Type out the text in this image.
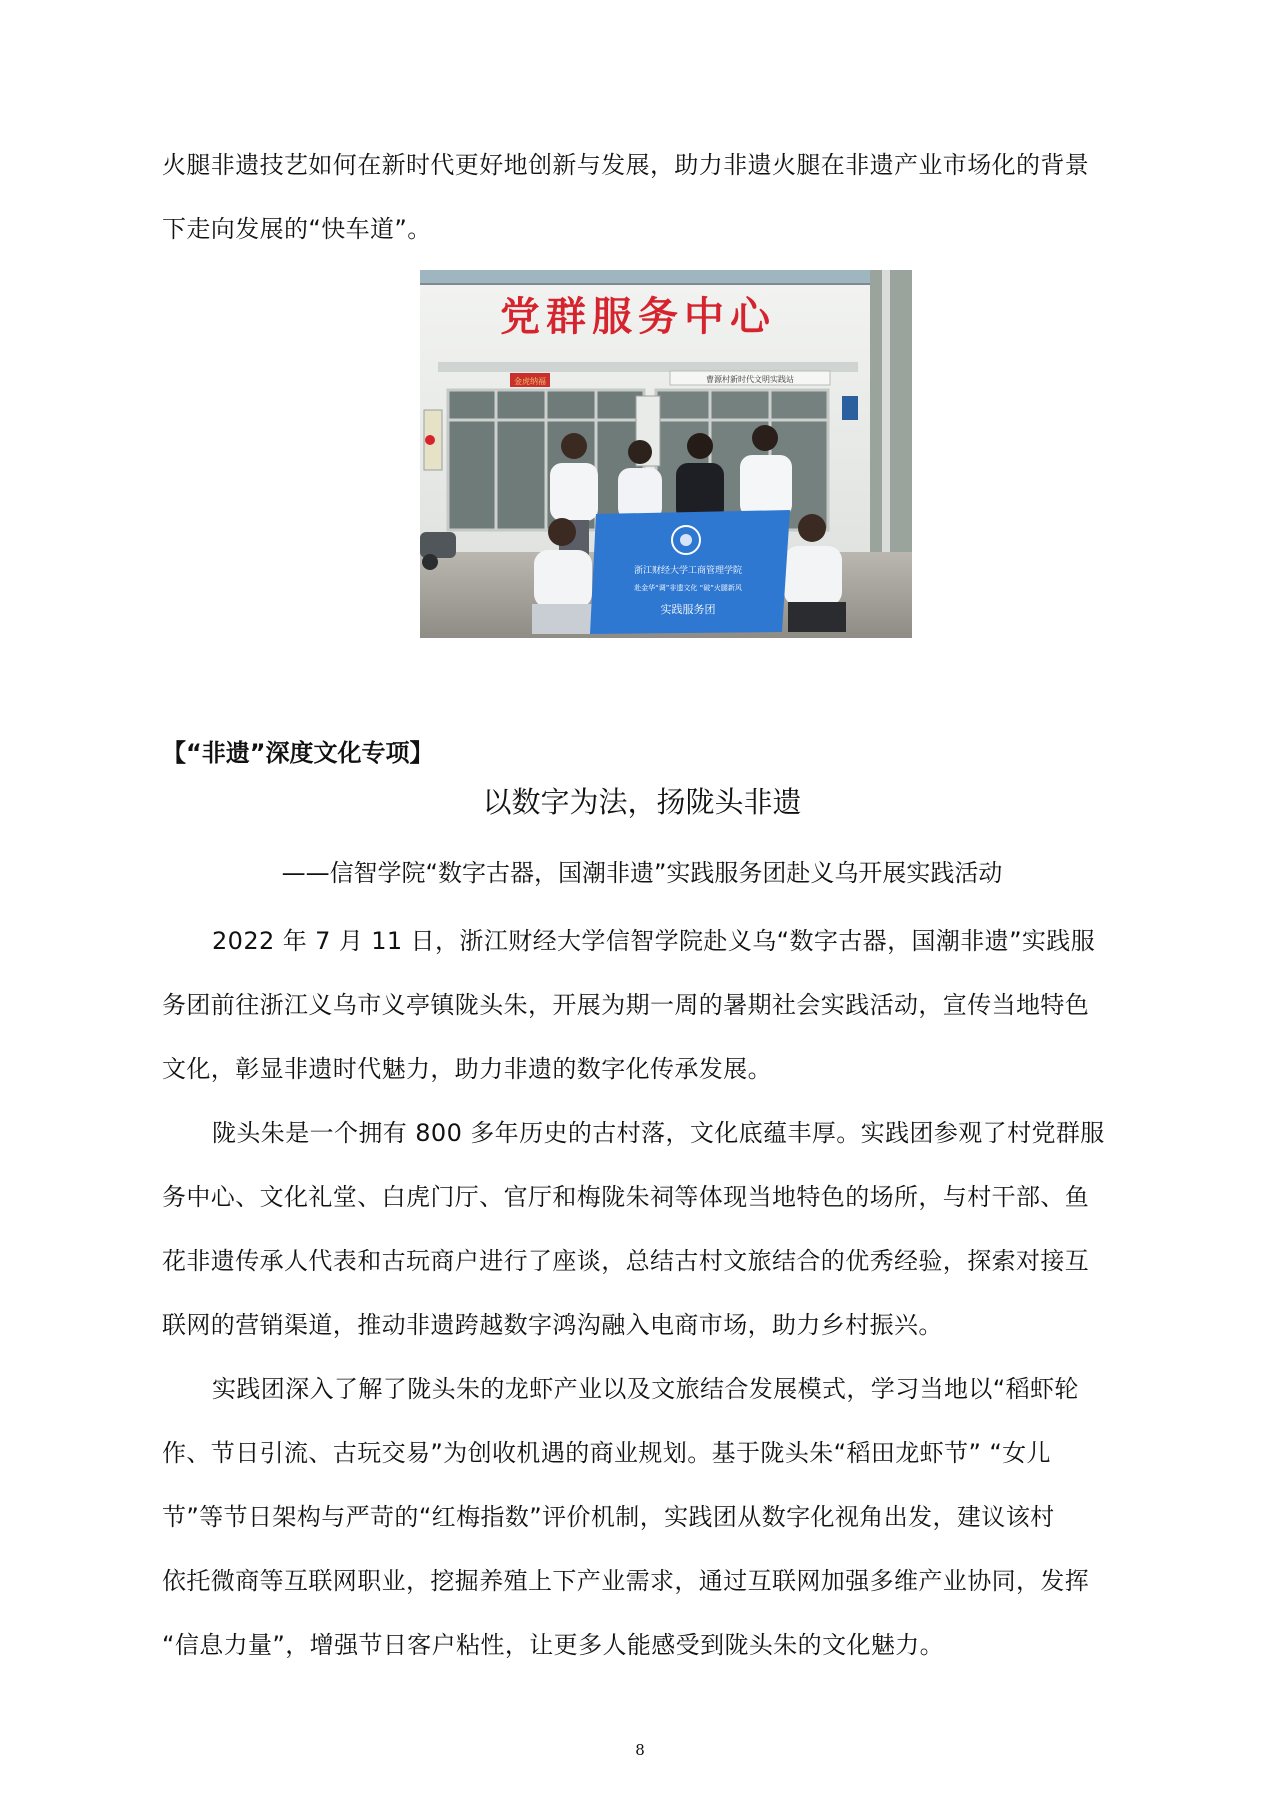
火腿非遗技艺如何在新时代更好地创新与发展，助力非遗火腿在非遗产业市场化的背景
下走向发展的“快车道”。
党群服务中心
金虎纳福	曹源村新时代文明实践站
浙江财经大学工商管理学院
赴金华“调”非遗文化 “破”火腿新风
实践服务团
【“非遗”深度文化专项】
以数字为法，扬陇头非遗
——信智学院“数字古器，国潮非遗”实践服务团赴义乌开展实践活动
2022 年 7 月 11 日，浙江财经大学信智学院赴义乌“数字古器，国潮非遗”实践服
务团前往浙江义乌市义亭镇陇头朱，开展为期一周的暑期社会实践活动，宣传当地特色
文化，彰显非遗时代魅力，助力非遗的数字化传承发展。
陇头朱是一个拥有 800 多年历史的古村落，文化底蕴丰厚。实践团参观了村党群服
务中心、文化礼堂、白虎门厅、官厅和梅陇朱祠等体现当地特色的场所，与村干部、鱼
花非遗传承人代表和古玩商户进行了座谈，总结古村文旅结合的优秀经验，探索对接互
联网的营销渠道，推动非遗跨越数字鸿沟融入电商市场，助力乡村振兴。
实践团深入了解了陇头朱的龙虾产业以及文旅结合发展模式，学习当地以“稻虾轮
作、节日引流、古玩交易”为创收机遇的商业规划。基于陇头朱“稻田龙虾节” “女儿
节”等节日架构与严苛的“红梅指数”评价机制，实践团从数字化视角出发，建议该村
依托微商等互联网职业，挖掘养殖上下产业需求，通过互联网加强多维产业协同，发挥
“信息力量”，增强节日客户粘性，让更多人能感受到陇头朱的文化魅力。
8
